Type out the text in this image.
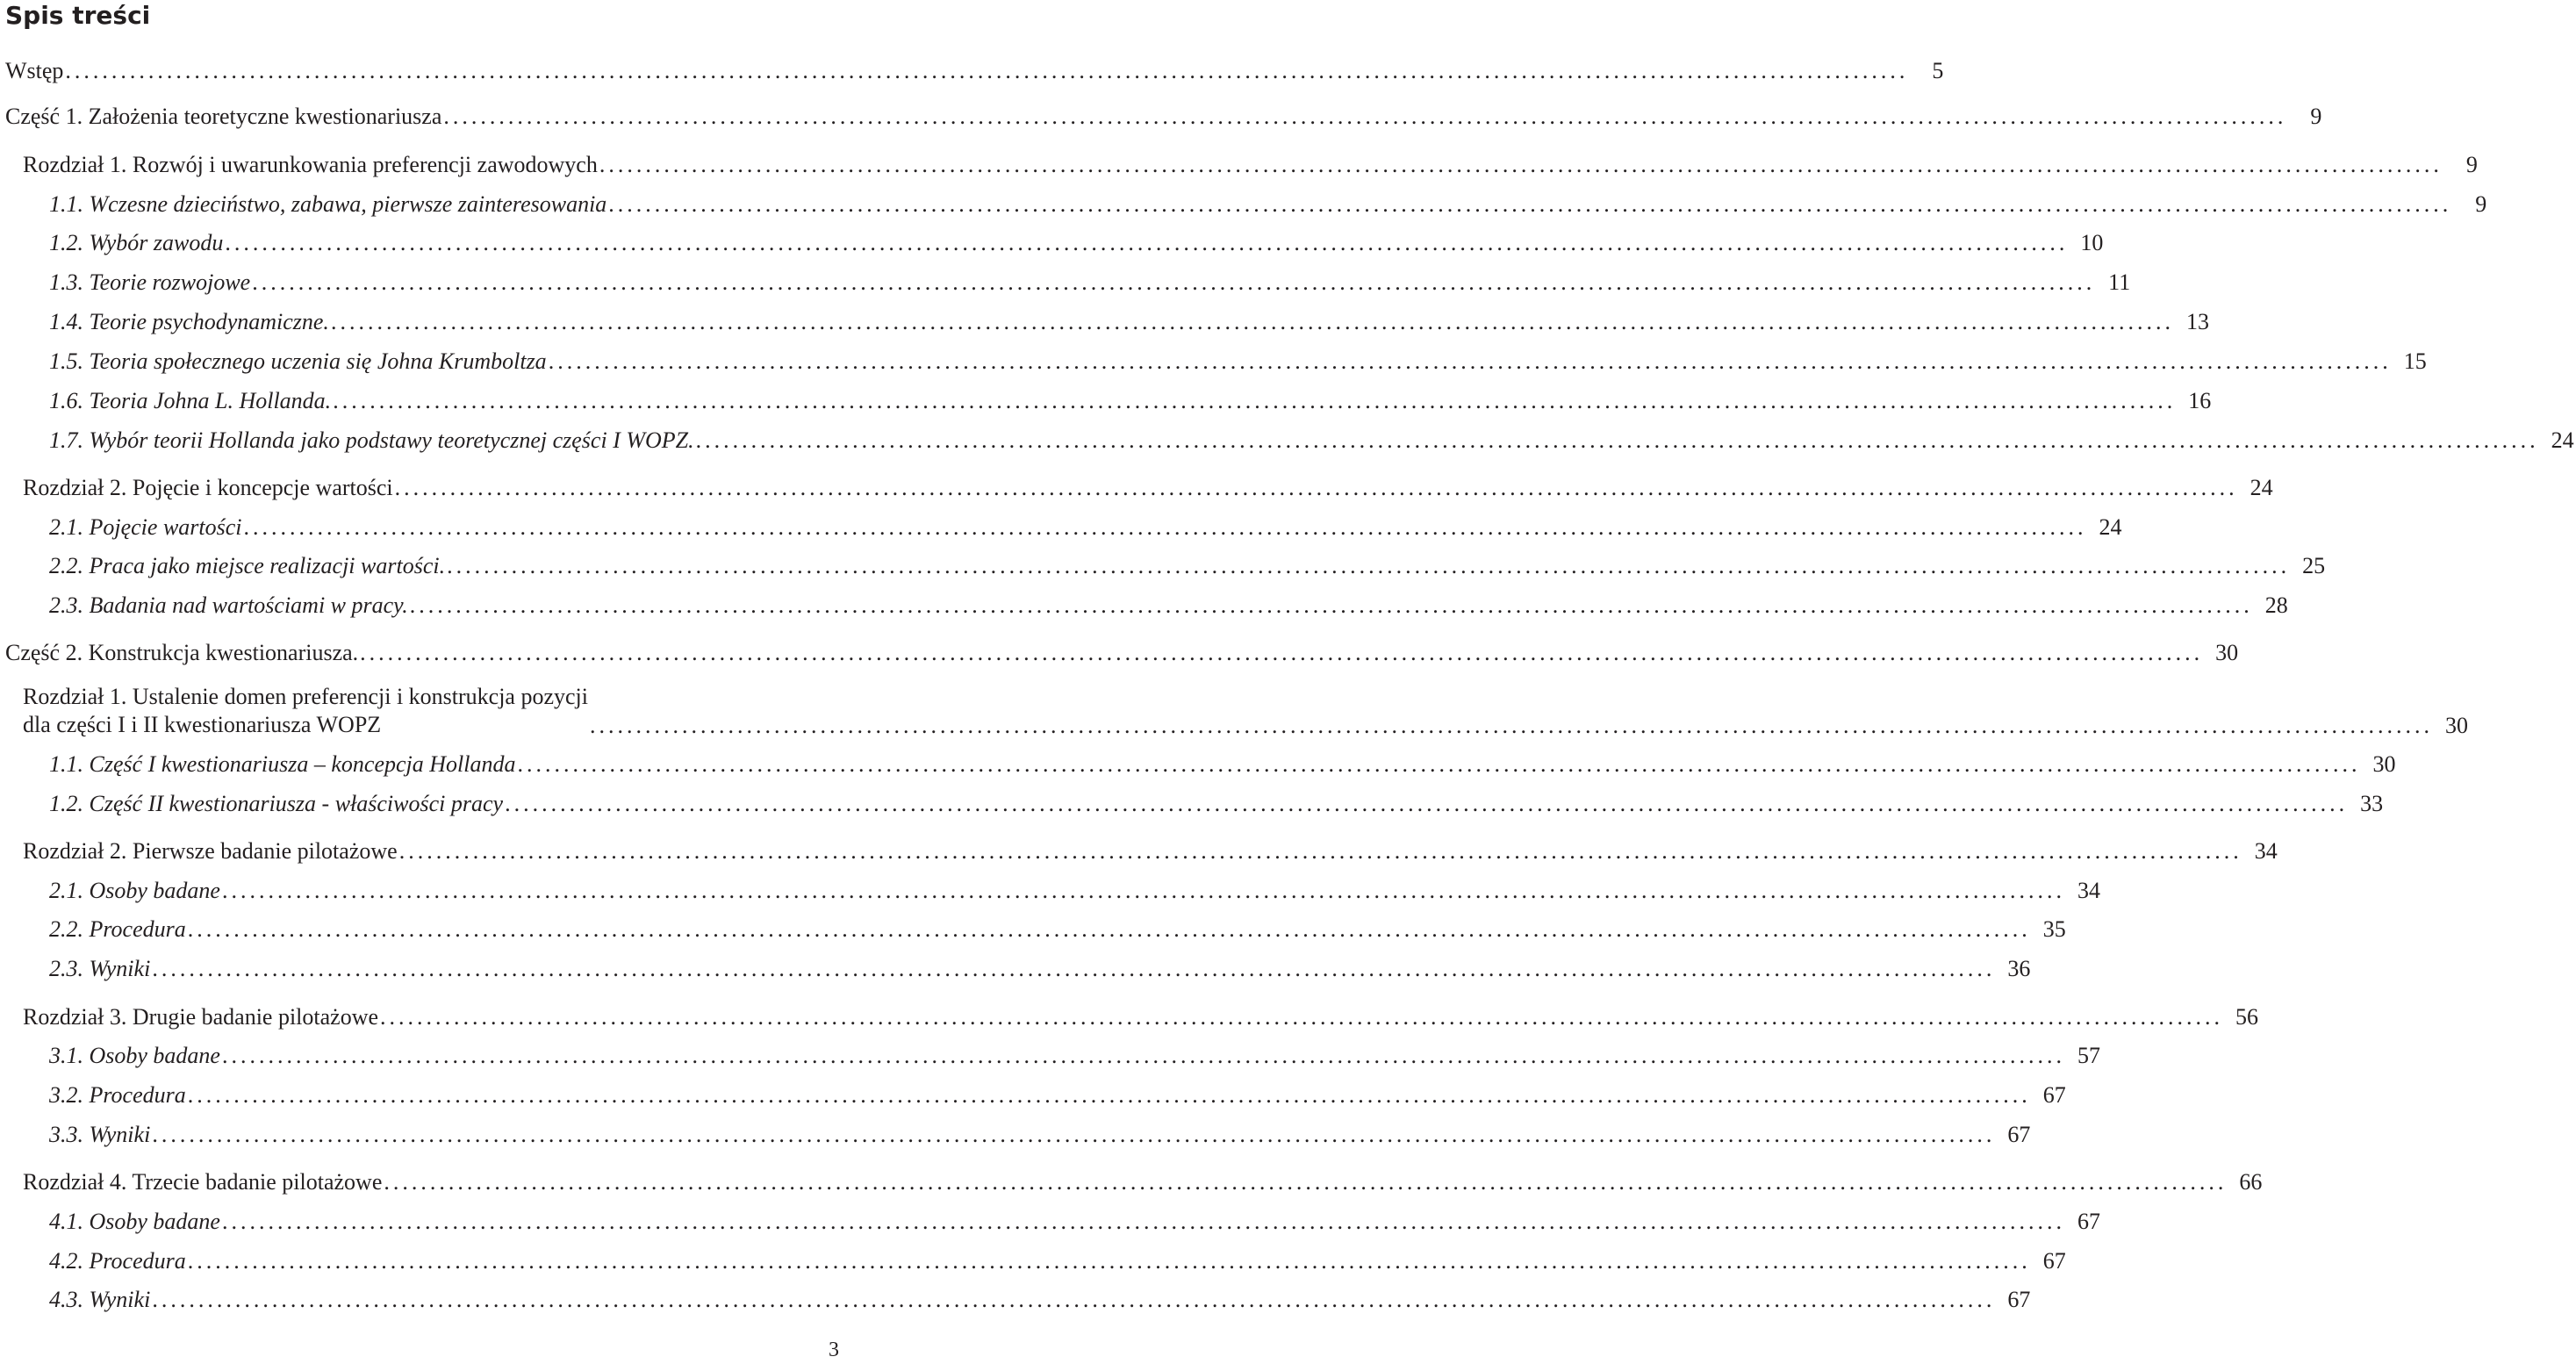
Spis treści
Wstęp ........................................................................................................................................................................................................	5
Część 1. Założenia teoretyczne kwestionariusza ........................................................................................................................................................................................................	9
Rozdział 1. Rozwój i uwarunkowania preferencji zawodowych ........................................................................................................................................................................................................	9
1.1. Wczesne dzieciństwo, zabawa, pierwsze zainteresowania ........................................................................................................................................................................................................	9
1.2. Wybór zawodu ........................................................................................................................................................................................................ 10
1.3. Teorie rozwojowe ........................................................................................................................................................................................................ 11
1.4. Teorie psychodynamiczne. ........................................................................................................................................................................................................ 13
1.5. Teoria społecznego uczenia się Johna Krumboltza ........................................................................................................................................................................................................ 15
1.6. Teoria Johna L. Hollanda. ........................................................................................................................................................................................................ 16
1.7. Wybór teorii Hollanda jako podstawy teoretycznej części I WOPZ. ........................................................................................................................................................................................................ 24
Rozdział 2. Pojęcie i koncepcje wartości ........................................................................................................................................................................................................ 24
2.1. Pojęcie wartości ........................................................................................................................................................................................................ 24
2.2. Praca jako miejsce realizacji wartości. ........................................................................................................................................................................................................ 25
2.3. Badania nad wartościami w pracy. ........................................................................................................................................................................................................ 28
Część 2. Konstrukcja kwestionariusza. ........................................................................................................................................................................................................ 30
Rozdział 1. Ustalenie domen preferencji i konstrukcja pozycji
dla części I i II kwestionariusza WOPZ	........................................................................................................................................................................................................ 30
1.1. Część I kwestionariusza – koncepcja Hollanda ........................................................................................................................................................................................................ 30
1.2. Część II kwestionariusza - właściwości pracy ........................................................................................................................................................................................................ 33
Rozdział 2. Pierwsze badanie pilotażowe ........................................................................................................................................................................................................ 34
2.1. Osoby badane ........................................................................................................................................................................................................ 34
2.2. Procedura ........................................................................................................................................................................................................ 35
2.3. Wyniki ........................................................................................................................................................................................................ 36
Rozdział 3. Drugie badanie pilotażowe ........................................................................................................................................................................................................ 56
3.1. Osoby badane ........................................................................................................................................................................................................ 57
3.2. Procedura ........................................................................................................................................................................................................ 67
3.3. Wyniki ........................................................................................................................................................................................................ 67
Rozdział 4. Trzecie badanie pilotażowe ........................................................................................................................................................................................................ 66
4.1. Osoby badane ........................................................................................................................................................................................................ 67
4.2. Procedura ........................................................................................................................................................................................................ 67
4.3. Wyniki ........................................................................................................................................................................................................ 67
3
